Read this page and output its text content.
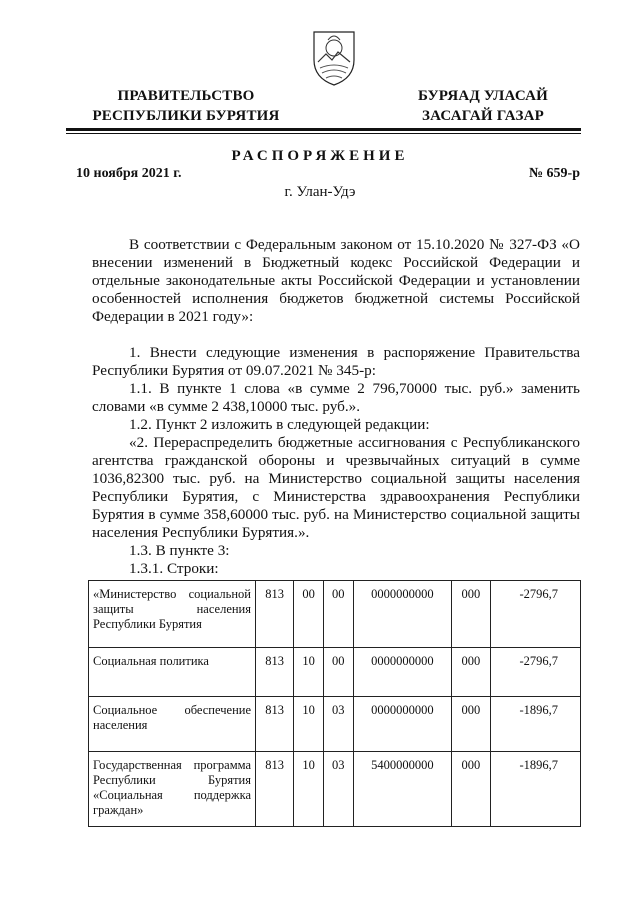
ПРАВИТЕЛЬСТВО
РЕСПУБЛИКИ БУРЯТИЯ
БУРЯАД УЛАСАЙ
ЗАСАГАЙ ГАЗАР
РАСПОРЯЖЕНИЕ
10 ноября 2021 г.	№ 659-р
г. Улан-Удэ

В соответствии с Федеральным законом от 15.10.2020 № 327-ФЗ «О внесении изменений в Бюджетный кодекс Российской Федерации и отдельные законодательные акты Российской Федерации и установлении особенностей исполнения бюджетов бюджетной системы Российской Федерации в 2021 году»:

1. Внести следующие изменения в распоряжение Правительства Республики Бурятия от 09.07.2021 № 345-р:

1.1. В пункте 1 слова «в сумме 2 796,70000 тыс. руб.» заменить словами «в сумме 2 438,10000 тыс. руб.».

1.2. Пункт 2 изложить в следующей редакции:

«2. Перераспределить бюджетные ассигнования с Республиканского агентства гражданской обороны и чрезвычайных ситуаций в сумме 1036,82300 тыс. руб. на Министерство социальной защиты населения Республики Бурятия, с Министерства здравоохранения Республики Бурятия в сумме 358,60000 тыс. руб. на Министерство социальной защиты населения Республики Бурятия.».

1.3. В пункте 3:

1.3.1. Строки:

«Министерство социальной защиты населения Республики Бурятия	813	00	00	0000000000	000	-2796,7
Социальная политика	813	10	00	0000000000	000	-2796,7
Социальное обеспечение населения	813	10	03	0000000000	000	-1896,7
Государственная программа Республики Бурятия «Социальная поддержка граждан»	813	10	03	5400000000	000	-1896,7
